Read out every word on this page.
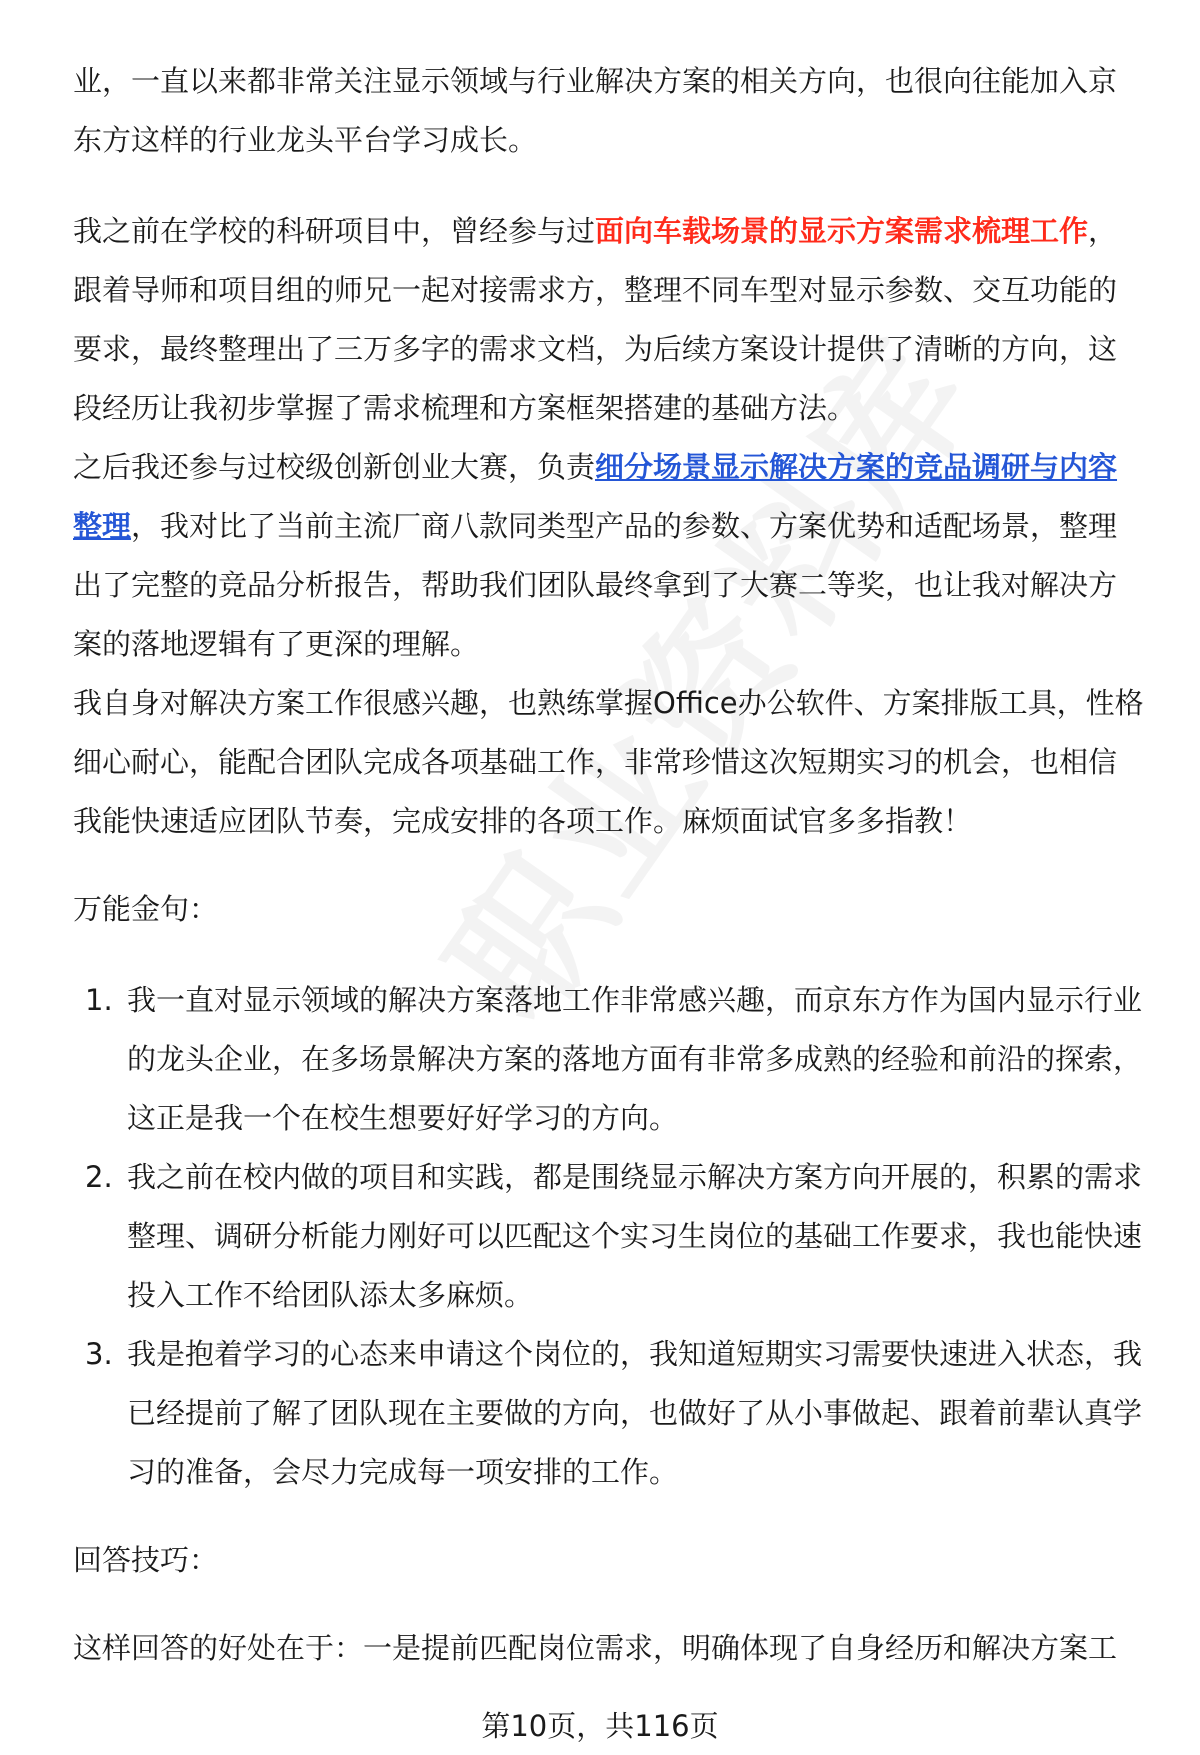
业，一直以来都非常关注显示领域与行业解决方案的相关方向，也很向往能加入京东方这样的行业龙头平台学习成长。

我之前在学校的科研项目中，曾经参与过面向车载场景的显示方案需求梳理工作，跟着导师和项目组的师兄一起对接需求方，整理不同车型对显示参数、交互功能的要求，最终整理出了三万多字的需求文档，为后续方案设计提供了清晰的方向，这段经历让我初步掌握了需求梳理和方案框架搭建的基础方法。

之后我还参与过校级创新创业大赛，负责细分场景显示解决方案的竞品调研与内容整理，我对比了当前主流厂商八款同类型产品的参数、方案优势和适配场景，整理出了完整的竞品分析报告，帮助我们团队最终拿到了大赛二等奖，也让我对解决方案的落地逻辑有了更深的理解。

我自身对解决方案工作很感兴趣，也熟练掌握Office办公软件、方案排版工具，性格细心耐心，能配合团队完成各项基础工作，非常珍惜这次短期实习的机会，也相信我能快速适应团队节奏，完成安排的各项工作。麻烦面试官多多指教！

万能金句：

1. 我一直对显示领域的解决方案落地工作非常感兴趣，而京东方作为国内显示行业的龙头企业，在多场景解决方案的落地方面有非常多成熟的经验和前沿的探索，这正是我一个在校生想要好好学习的方向。
2. 我之前在校内做的项目和实践，都是围绕显示解决方案方向开展的，积累的需求整理、调研分析能力刚好可以匹配这个实习生岗位的基础工作要求，我也能快速投入工作不给团队添太多麻烦。
3. 我是抱着学习的心态来申请这个岗位的，我知道短期实习需要快速进入状态，我已经提前了解了团队现在主要做的方向，也做好了从小事做起、跟着前辈认真学习的准备，会尽力完成每一项安排的工作。

回答技巧：

这样回答的好处在于：一是提前匹配岗位需求，明确体现了自身经历和解决方案工

第10页，共116页
